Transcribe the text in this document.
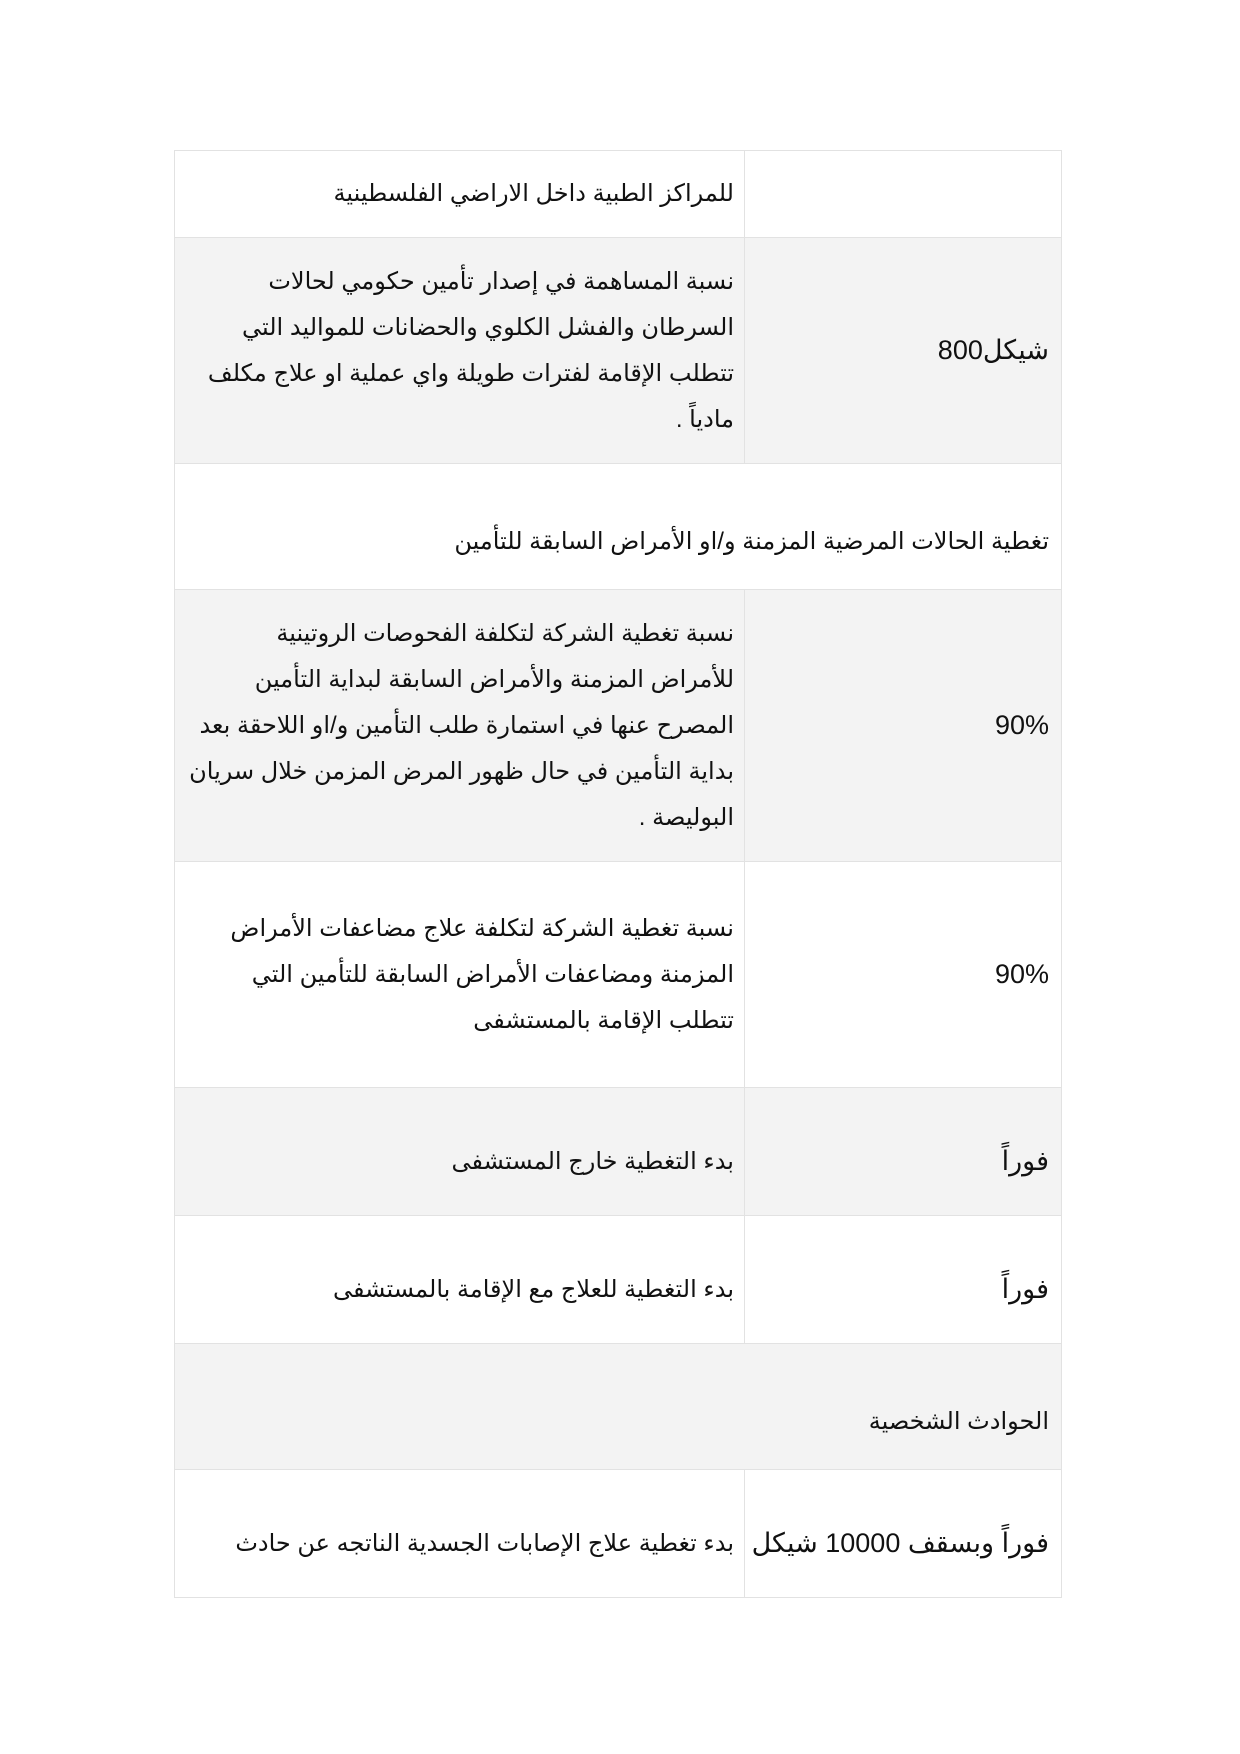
للمراكز الطبية داخل الاراضي الفلسطينية
شيكل800
نسبة المساهمة في إصدار تأمين حكومي لحالات السرطان والفشل الكلوي والحضانات للمواليد التي تتطلب الإقامة لفترات طويلة واي عملية او علاج مكلف مادياً .
تغطية الحالات المرضية المزمنة و/او الأمراض السابقة للتأمين
90%
نسبة تغطية الشركة لتكلفة الفحوصات الروتينية للأمراض المزمنة والأمراض السابقة لبداية التأمين المصرح عنها في استمارة طلب التأمين و/او اللاحقة بعد بداية التأمين في حال ظهور المرض المزمن خلال سريان البوليصة .
90%
نسبة تغطية الشركة لتكلفة علاج مضاعفات الأمراض المزمنة ومضاعفات الأمراض السابقة للتأمين التي تتطلب الإقامة بالمستشفى
فوراً
بدء التغطية خارج المستشفى
فوراً
بدء التغطية للعلاج مع الإقامة بالمستشفى
الحوادث الشخصية
فوراً وبسقف 10000 شيكل
بدء تغطية علاج الإصابات الجسدية الناتجه عن حادث
